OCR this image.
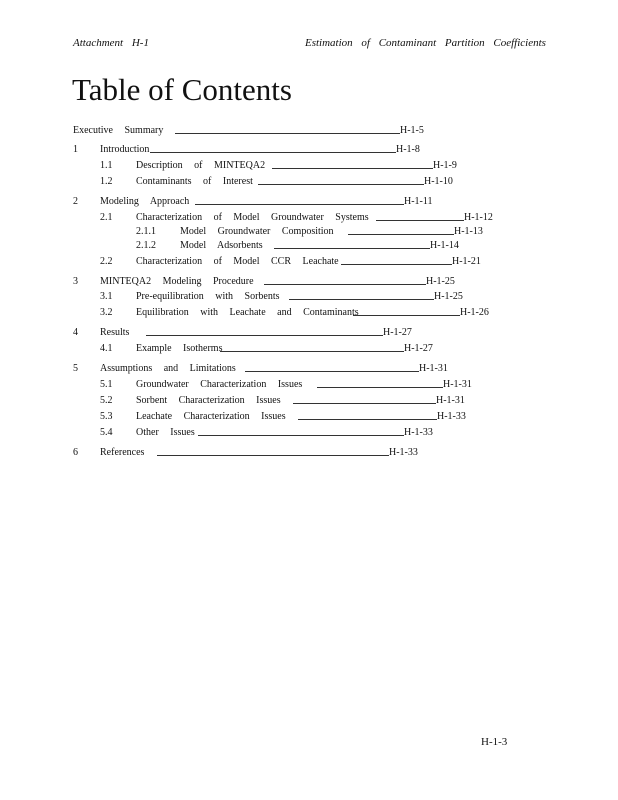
Attachment H-1	Estimation of Contaminant Partition Coefficients
Table of Contents
Executive Summary	H-1-5
1 Introduction	H-1-8
1.1 Description of MINTEQA2	H-1-9
1.2 Contaminants of Interest	H-1-10
2 Modeling Approach	H-1-11
2.1 Characterization of Model Groundwater Systems	H-1-12
2.1.1 Model Groundwater Composition	H-1-13
2.1.2 Model Adsorbents	H-1-14
2.2 Characterization of Model CCR Leachate	H-1-21
3 MINTEQA2 Modeling Procedure	H-1-25
3.1 Pre-equilibration with Sorbents	H-1-25
3.2 Equilibration with Leachate and Contaminants	H-1-26
4 Results	H-1-27
4.1 Example Isotherms	H-1-27
5 Assumptions and Limitations	H-1-31
5.1 Groundwater Characterization Issues	H-1-31
5.2 Sorbent Characterization Issues	H-1-31
5.3 Leachate Characterization Issues	H-1-33
5.4 Other Issues	H-1-33
6 References	H-1-33
H-1-3
